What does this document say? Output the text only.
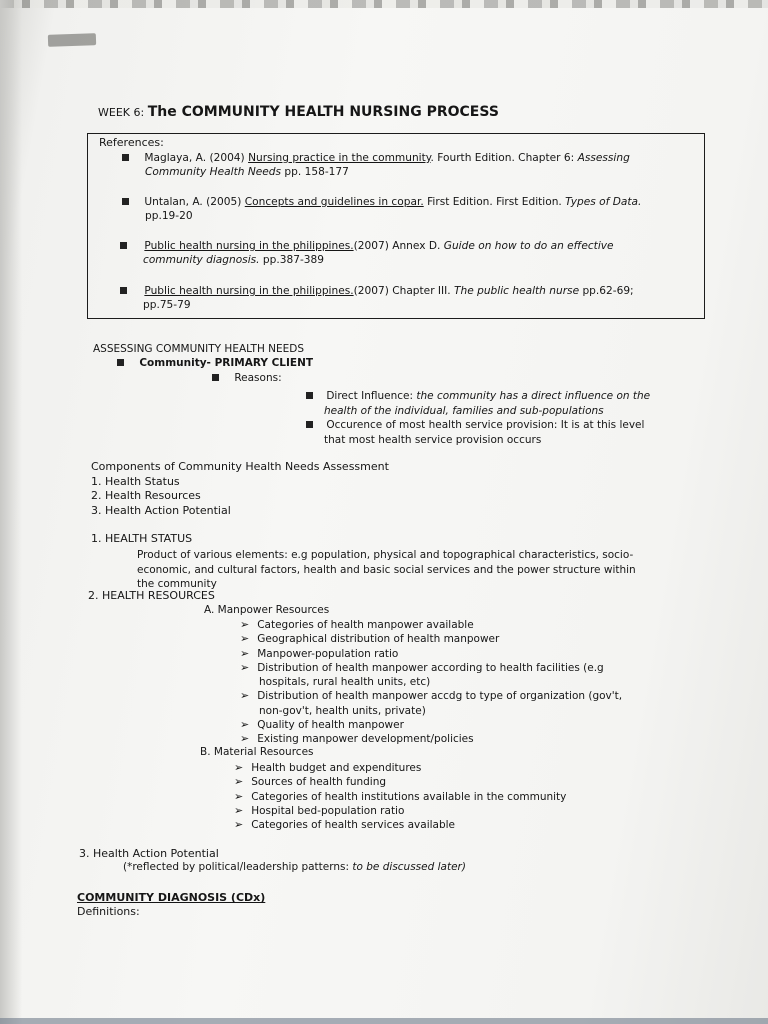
WEEK 6: The COMMUNITY HEALTH NURSING PROCESS
References:
Maglaya, A. (2004) Nursing practice in the community. Fourth Edition. Chapter 6: Assessing
Community Health Needs pp. 158-177
Untalan, A. (2005) Concepts and guidelines in copar. First Edition. First Edition. Types of Data.
pp.19-20
Public health nursing in the philippines.(2007) Annex D. Guide on how to do an effective
community diagnosis. pp.387-389
Public health nursing in the philippines.(2007) Chapter III. The public health nurse pp.62-69;
pp.75-79
ASSESSING COMMUNITY HEALTH NEEDS
Community- PRIMARY CLIENT
Reasons:
Direct Influence: the community has a direct influence on the
health of the individual, families and sub-populations
Occurence of most health service provision: It is at this level
that most health service provision occurs
Components of Community Health Needs Assessment
1. Health Status
2. Health Resources
3. Health Action Potential
1. HEALTH STATUS
Product of various elements: e.g population, physical and topographical characteristics, socio-
economic, and cultural factors, health and basic social services and the power structure within
the community
2. HEALTH RESOURCES
A. Manpower Resources
➢ Categories of health manpower available
➢ Geographical distribution of health manpower
➢ Manpower-population ratio
➢ Distribution of health manpower according to health facilities (e.g
hospitals, rural health units, etc)
➢ Distribution of health manpower accdg to type of organization (gov't,
non-gov't, health units, private)
➢ Quality of health manpower
➢ Existing manpower development/policies
B. Material Resources
➢ Health budget and expenditures
➢ Sources of health funding
➢ Categories of health institutions available in the community
➢ Hospital bed-population ratio
➢ Categories of health services available
3. Health Action Potential
(*reflected by political/leadership patterns: to be discussed later)
COMMUNITY DIAGNOSIS (CDx)
Definitions:
